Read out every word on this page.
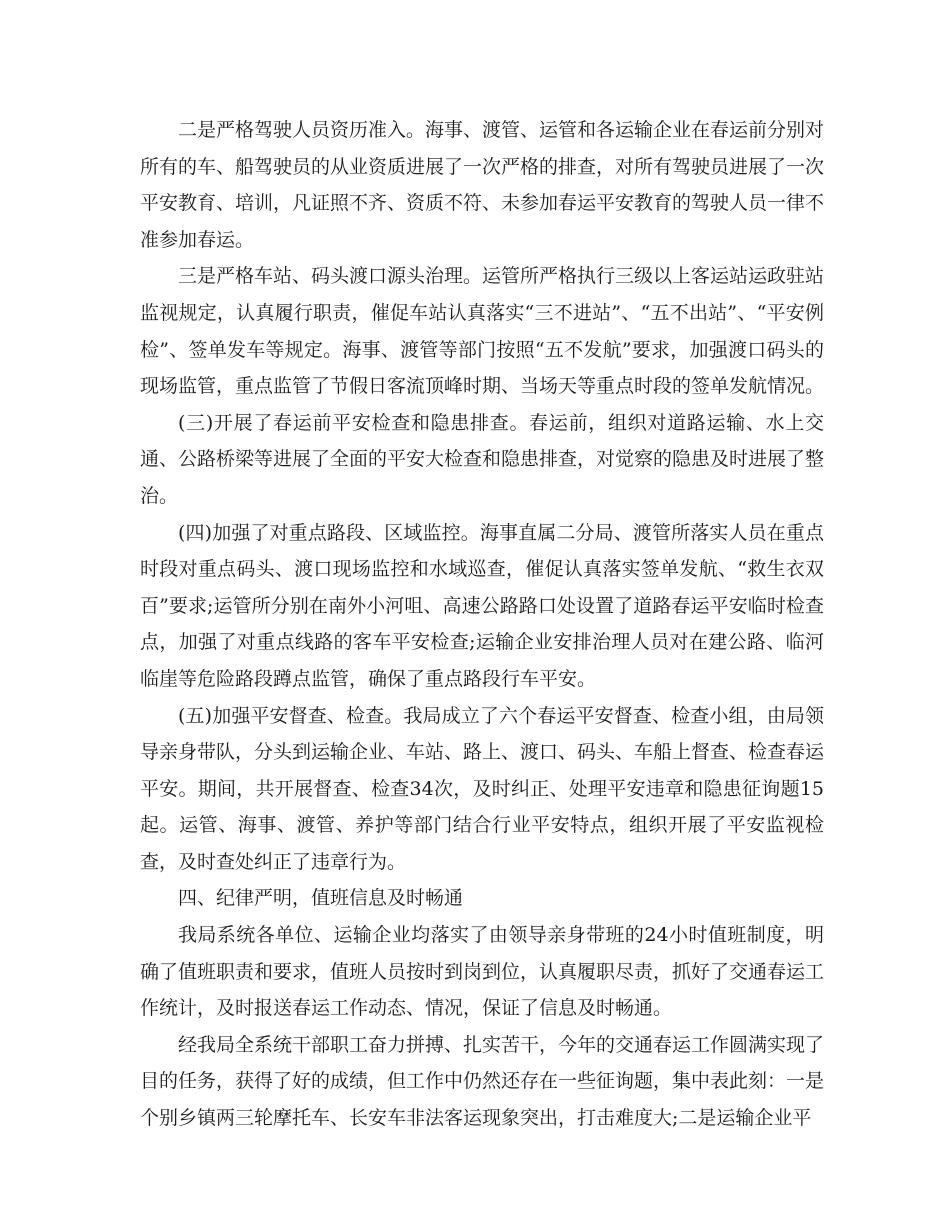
二是严格驾驶人员资历准入。海事、渡管、运管和各运输企业在春运前分别对所有的车、船驾驶员的从业资质进展了一次严格的排查，对所有驾驶员进展了一次平安教育、培训，凡证照不齐、资质不符、未参加春运平安教育的驾驶人员一律不准参加春运。

三是严格车站、码头渡口源头治理。运管所严格执行三级以上客运站运政驻站监视规定，认真履行职责，催促车站认真落实“三不进站”、“五不出站”、“平安例检”、签单发车等规定。海事、渡管等部门按照“五不发航”要求，加强渡口码头的现场监管，重点监管了节假日客流顶峰时期、当场天等重点时段的签单发航情况。

(三)开展了春运前平安检查和隐患排查。春运前，组织对道路运输、水上交通、公路桥梁等进展了全面的平安大检查和隐患排查，对觉察的隐患及时进展了整治。

(四)加强了对重点路段、区域监控。海事直属二分局、渡管所落实人员在重点时段对重点码头、渡口现场监控和水域巡查，催促认真落实签单发航、“救生衣双百”要求;运管所分别在南外小河咀、高速公路路口处设置了道路春运平安临时检查点，加强了对重点线路的客车平安检查;运输企业安排治理人员对在建公路、临河临崖等危险路段蹲点监管，确保了重点路段行车平安。

(五)加强平安督查、检查。我局成立了六个春运平安督查、检查小组，由局领导亲身带队，分头到运输企业、车站、路上、渡口、码头、车船上督查、检查春运平安。期间，共开展督查、检查34次，及时纠正、处理平安违章和隐患征询题15起。运管、海事、渡管、养护等部门结合行业平安特点，组织开展了平安监视检查，及时查处纠正了违章行为。

四、纪律严明，值班信息及时畅通

我局系统各单位、运输企业均落实了由领导亲身带班的24小时值班制度，明确了值班职责和要求，值班人员按时到岗到位，认真履职尽责，抓好了交通春运工作统计，及时报送春运工作动态、情况，保证了信息及时畅通。

经我局全系统干部职工奋力拼搏、扎实苦干，今年的交通春运工作圆满实现了目的任务，获得了好的成绩，但工作中仍然还存在一些征询题，集中表此刻：一是个别乡镇两三轮摩托车、长安车非法客运现象突出，打击难度大;二是运输企业平
